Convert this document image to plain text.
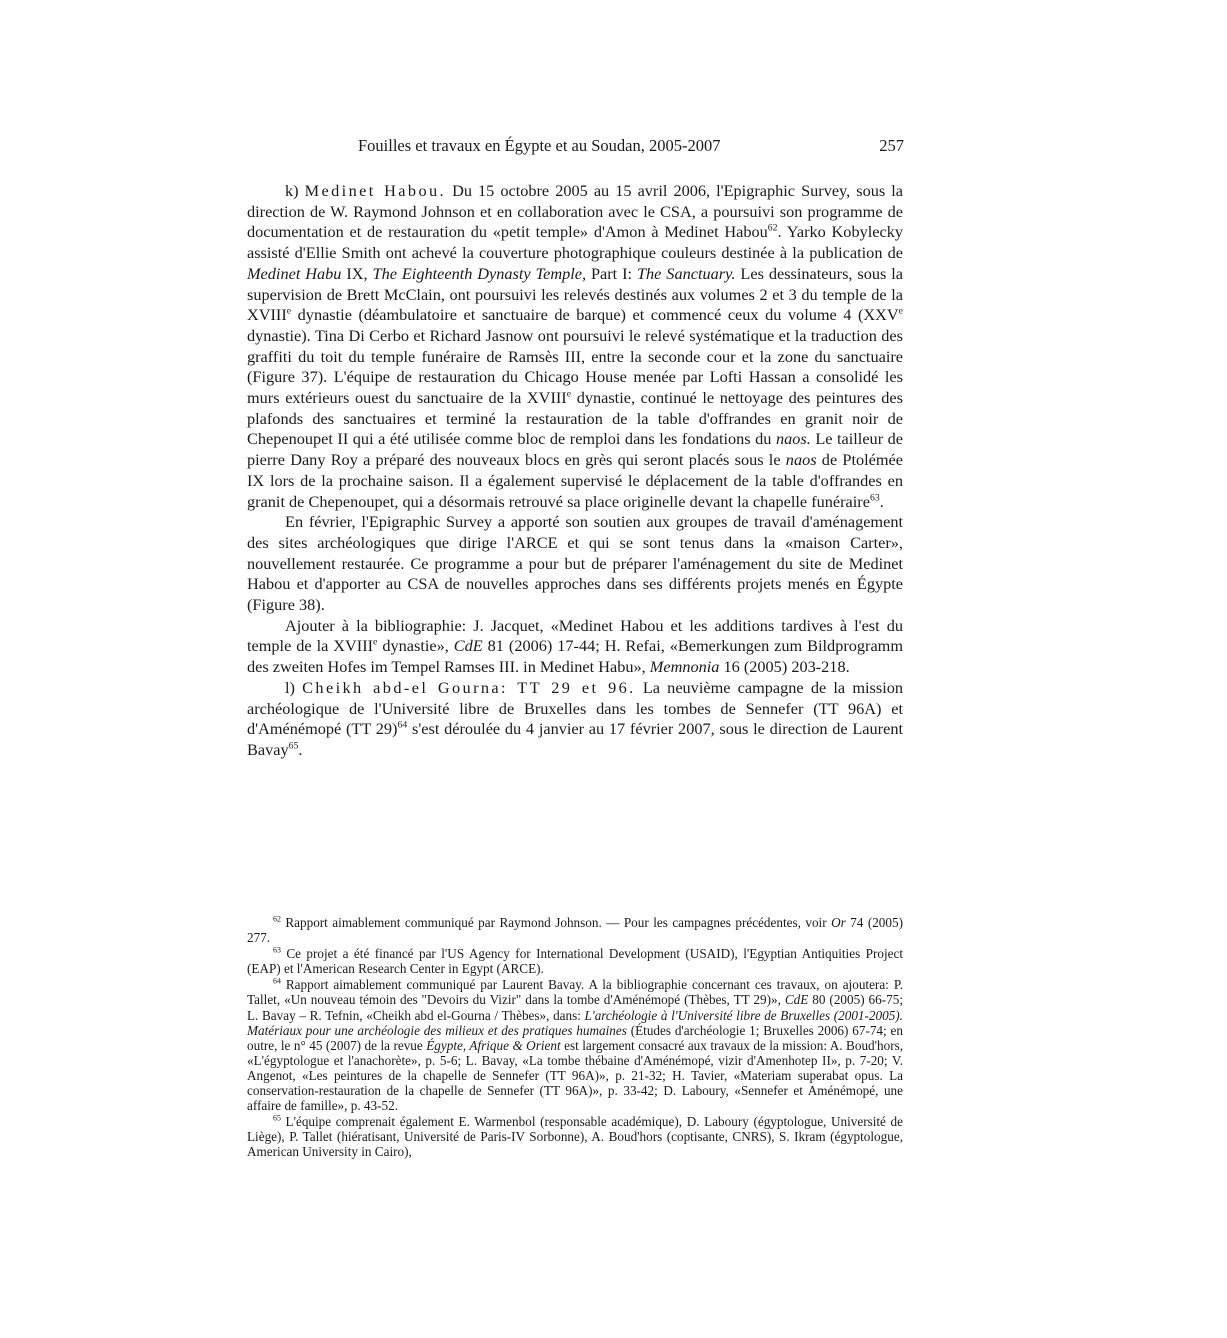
Fouilles et travaux en Égypte et au Soudan, 2005-2007	257

k) Medinet Habou. Du 15 octobre 2005 au 15 avril 2006, l'Epigraphic Survey, sous la direction de W. Raymond Johnson et en collaboration avec le CSA, a poursuivi son programme de documentation et de restauration du «petit temple» d'Amon à Medinet Habou$^{62}$. Yarko Kobylecky assisté d'Ellie Smith ont achevé la couverture photographique couleurs destinée à la publication de Medinet Habu IX, The Eighteenth Dynasty Temple, Part I: The Sanctuary. Les dessinateurs, sous la supervision de Brett McClain, ont poursuivi les relevés destinés aux volumes 2 et 3 du temple de la XVIIIe dynastie (déambulatoire et sanctuaire de barque) et commencé ceux du volume 4 (XXVe dynastie). Tina Di Cerbo et Richard Jasnow ont poursuivi le relevé systématique et la traduction des graffiti du toit du temple funéraire de Ramsès III, entre la seconde cour et la zone du sanctuaire (Figure 37). L'équipe de restauration du Chicago House menée par Lofti Hassan a consolidé les murs extérieurs ouest du sanctuaire de la XVIIIe dynastie, continué le nettoyage des peintures des plafonds des sanctuaires et terminé la restauration de la table d'offrandes en granit noir de Chepenoupet II qui a été utilisée comme bloc de remploi dans les fondations du naos. Le tailleur de pierre Dany Roy a préparé des nouveaux blocs en grès qui seront placés sous le naos de Ptolémée IX lors de la prochaine saison. Il a également supervisé le déplacement de la table d'offrandes en granit de Chepenoupet, qui a désormais retrouvé sa place originelle devant la chapelle funéraire$^{63}$.

En février, l'Epigraphic Survey a apporté son soutien aux groupes de travail d'aménagement des sites archéologiques que dirige l'ARCE et qui se sont tenus dans la «maison Carter», nouvellement restaurée. Ce programme a pour but de préparer l'aménagement du site de Medinet Habou et d'apporter au CSA de nouvelles approches dans ses différents projets menés en Égypte (Figure 38).

Ajouter à la bibliographie: J. Jacquet, «Medinet Habou et les additions tardives à l'est du temple de la XVIIIe dynastie», CdE 81 (2006) 17-44; H. Refai, «Bemerkungen zum Bildprogramm des zweiten Hofes im Tempel Ramses III. in Medinet Habu», Memnonia 16 (2005) 203-218.

l) Cheikh abd-el Gourna: TT 29 et 96. La neuvième campagne de la mission archéologique de l'Université libre de Bruxelles dans les tombes de Sennefer (TT 96A) et d'Aménémopé (TT 29)$^{64}$ s'est déroulée du 4 janvier au 17 février 2007, sous le direction de Laurent Bavay$^{65}$.

$^{62}$ Rapport aimablement communiqué par Raymond Johnson. — Pour les campagnes précédentes, voir Or 74 (2005) 277.

$^{63}$ Ce projet a été financé par l'US Agency for International Development (USAID), l'Egyptian Antiquities Project (EAP) et l'American Research Center in Egypt (ARCE).

$^{64}$ Rapport aimablement communiqué par Laurent Bavay. A la bibliographie concernant ces travaux, on ajoutera: P. Tallet, «Un nouveau témoin des "Devoirs du Vizir" dans la tombe d'Aménémopé (Thèbes, TT 29)», CdE 80 (2005) 66-75; L. Bavay – R. Tefnin, «Cheikh abd el-Gourna / Thèbes», dans: L'archéologie à l'Université libre de Bruxelles (2001-2005). Matériaux pour une archéologie des milieux et des pratiques humaines (Études d'archéologie 1; Bruxelles 2006) 67-74; en outre, le n° 45 (2007) de la revue Égypte, Afrique & Orient est largement consacré aux travaux de la mission: A. Boud'hors, «L'égyptologue et l'anachorète», p. 5-6; L. Bavay, «La tombe thébaine d'Aménémopé, vizir d'Amenhotep II», p. 7-20; V. Angenot, «Les peintures de la chapelle de Sennefer (TT 96A)», p. 21-32; H. Tavier, «Materiam superabat opus. La conservation-restauration de la chapelle de Sennefer (TT 96A)», p. 33-42; D. Laboury, «Sennefer et Aménémopé, une affaire de famille», p. 43-52.

$^{65}$ L'équipe comprenait également E. Warmenbol (responsable académique), D. Laboury (égyptologue, Université de Liège), P. Tallet (hiératisant, Université de Paris-IV Sorbonne), A. Boud'hors (coptisante, CNRS), S. Ikram (égyptologue, American University in Cairo),
